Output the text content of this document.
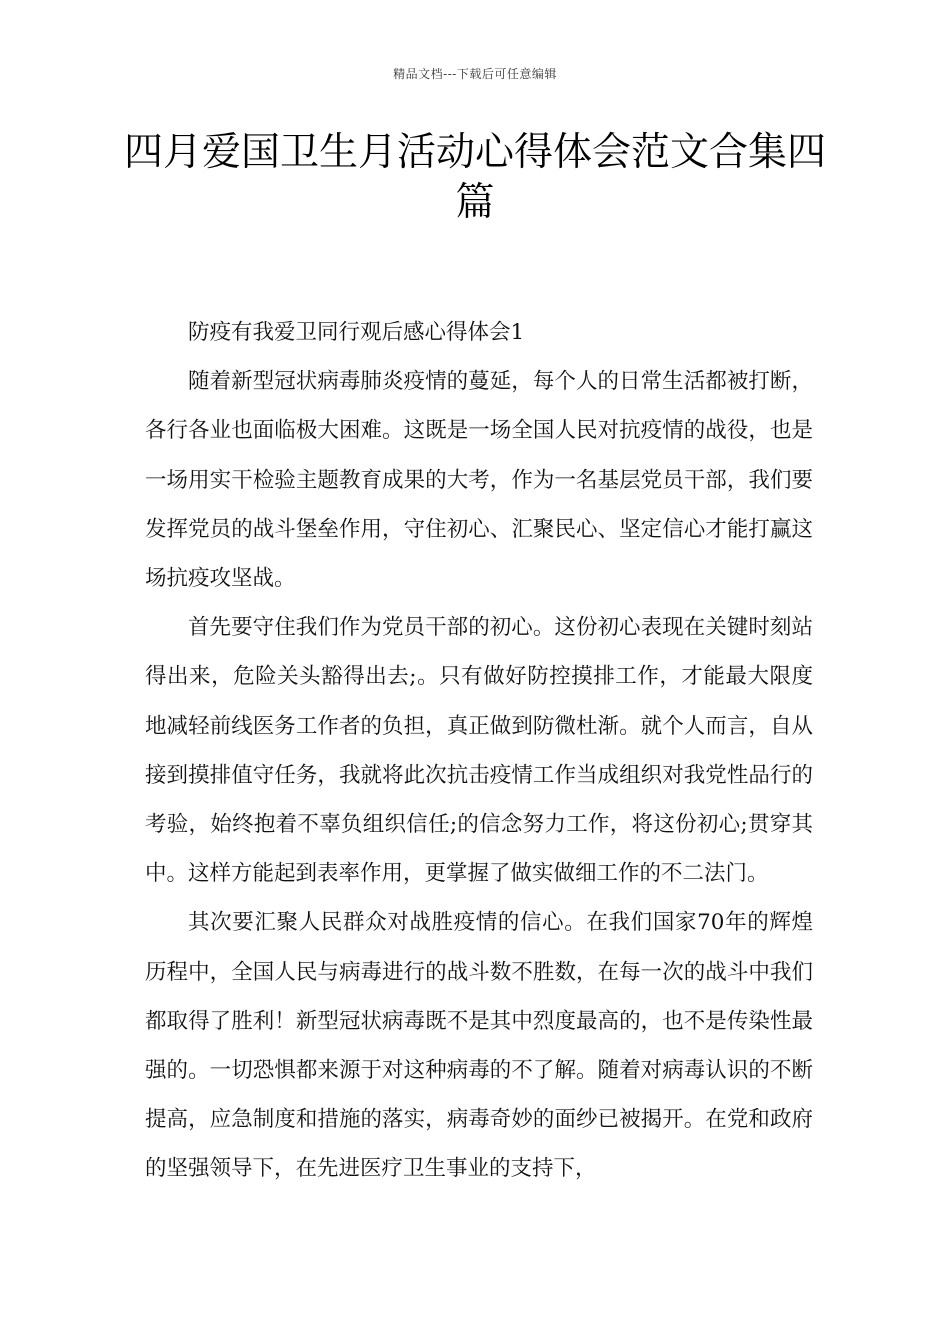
精品文档---下载后可任意编辑
四月爱国卫生月活动心得体会范文合集四篇

防疫有我爱卫同行观后感心得体会1

随着新型冠状病毒肺炎疫情的蔓延，每个人的日常生活都被打断，各行各业也面临极大困难。这既是一场全国人民对抗疫情的战役，也是一场用实干检验主题教育成果的大考，作为一名基层党员干部，我们要发挥党员的战斗堡垒作用，守住初心、汇聚民心、坚定信心才能打赢这场抗疫攻坚战。

首先要守住我们作为党员干部的初心。这份初心表现在关键时刻站得出来，危险关头豁得出去;。只有做好防控摸排工作，才能最大限度地减轻前线医务工作者的负担，真正做到防微杜渐。就个人而言，自从接到摸排值守任务，我就将此次抗击疫情工作当成组织对我党性品行的考验，始终抱着不辜负组织信任;的信念努力工作，将这份初心;贯穿其中。这样方能起到表率作用，更掌握了做实做细工作的不二法门。

其次要汇聚人民群众对战胜疫情的信心。在我们国家70年的辉煌历程中，全国人民与病毒进行的战斗数不胜数，在每一次的战斗中我们都取得了胜利！新型冠状病毒既不是其中烈度最高的，也不是传染性最强的。一切恐惧都来源于对这种病毒的不了解。随着对病毒认识的不断提高，应急制度和措施的落实，病毒奇妙的面纱已被揭开。在党和政府的坚强领导下，在先进医疗卫生事业的支持下，
